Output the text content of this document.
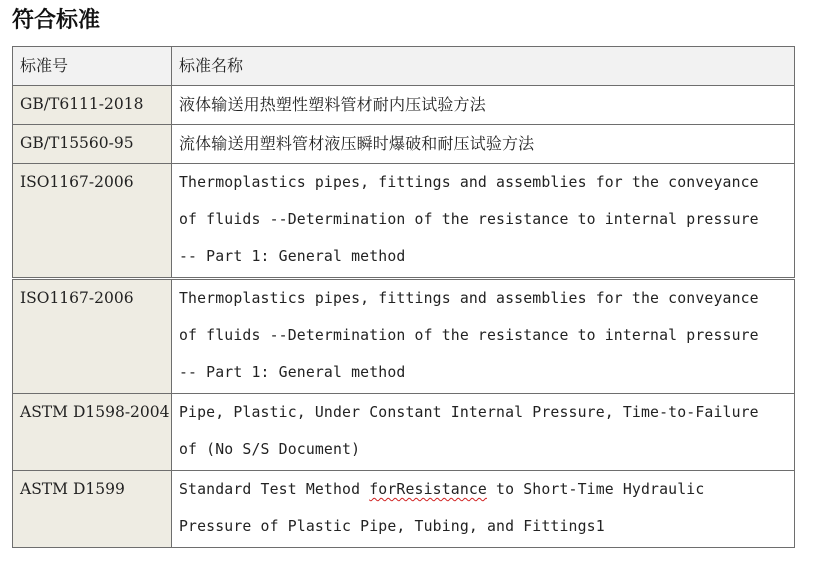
符合标准
标准号	标准名称
GB/T6111-2018	液体输送用热塑性塑料管材耐内压试验方法
GB/T15560-95	流体输送用塑料管材液压瞬时爆破和耐压试验方法
ISO1167-2006	Thermoplastics pipes, fittings and assemblies for the conveyance
of fluids --Determination of the resistance to internal pressure
-- Part 1: General method
ISO1167-2006	Thermoplastics pipes, fittings and assemblies for the conveyance
of fluids --Determination of the resistance to internal pressure
-- Part 1: General method

ASTM D1598-2004	Pipe, Plastic, Under Constant Internal Pressure, Time-to-Failure
of (No S/S Document)

ASTM D1599	Standard Test Method forResistance to Short-Time Hydraulic
Pressure of Plastic Pipe, Tubing, and Fittings1
